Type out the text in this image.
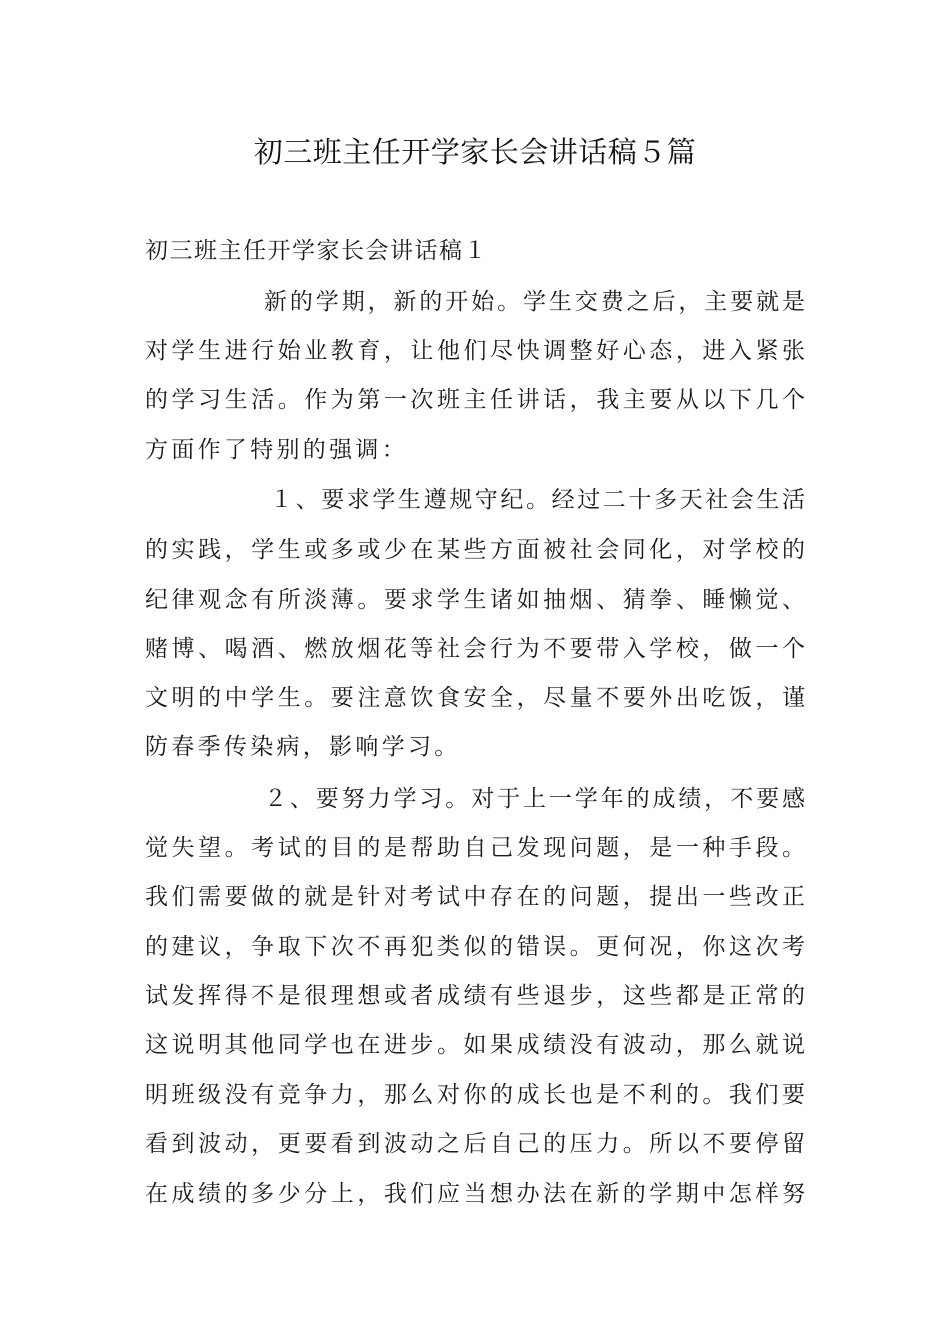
初三班主任开学家长会讲话稿５篇
初三班主任开学家长会讲话稿１
新的学期，新的开始。学生交费之后，主要就是
对学生进行始业教育，让他们尽快调整好心态，进入紧张
的学习生活。作为第一次班主任讲话，我主要从以下几个
方面作了特别的强调：
１、要求学生遵规守纪。经过二十多天社会生活
的实践，学生或多或少在某些方面被社会同化，对学校的
纪律观念有所淡薄。要求学生诸如抽烟、猜拳、睡懒觉、
赌博、喝酒、燃放烟花等社会行为不要带入学校，做一个
文明的中学生。要注意饮食安全，尽量不要外出吃饭，谨
防春季传染病，影响学习。
２、要努力学习。对于上一学年的成绩，不要感
觉失望。考试的目的是帮助自己发现问题，是一种手段。
我们需要做的就是针对考试中存在的问题，提出一些改正
的建议，争取下次不再犯类似的错误。更何况，你这次考
试发挥得不是很理想或者成绩有些退步，这些都是正常的
这说明其他同学也在进步。如果成绩没有波动，那么就说
明班级没有竞争力，那么对你的成长也是不利的。我们要
看到波动，更要看到波动之后自己的压力。所以不要停留
在成绩的多少分上，我们应当想办法在新的学期中怎样努
